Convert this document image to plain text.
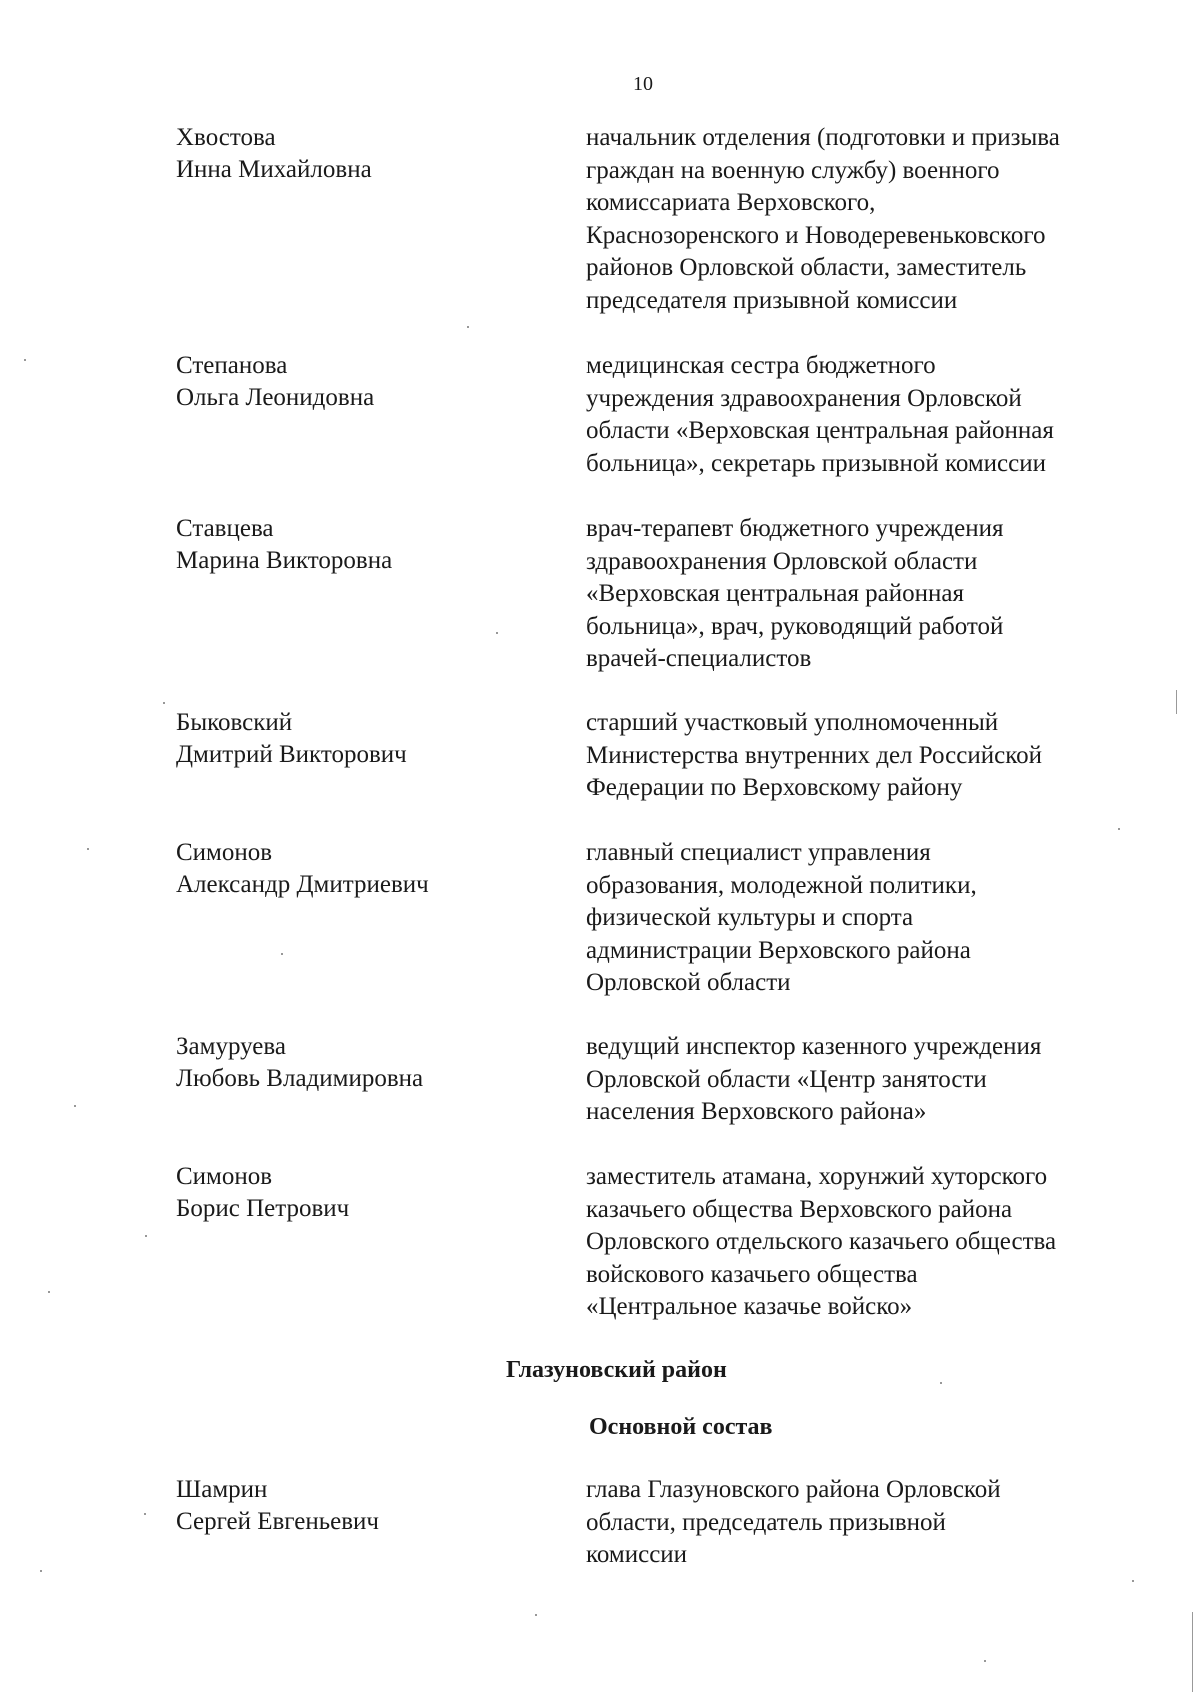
10
Хвостова
Инна Михайловна
начальник отделения (подготовки и призыва
граждан на военную службу) военного
комиссариата Верховского,
Краснозоренского и Новодеревеньковского
районов Орловской области, заместитель
председателя призывной комиссии
Степанова
Ольга Леонидовна
медицинская сестра бюджетного
учреждения здравоохранения Орловской
области «Верховская центральная районная
больница», секретарь призывной комиссии
Ставцева
Марина Викторовна
врач-терапевт бюджетного учреждения
здравоохранения Орловской области
«Верховская центральная районная
больница», врач, руководящий работой
врачей-специалистов
Быковский
Дмитрий Викторович
старший участковый уполномоченный
Министерства внутренних дел Российской
Федерации по Верховскому району
Симонов
Александр Дмитриевич
главный специалист управления
образования, молодежной политики,
физической культуры и спорта
администрации Верховского района
Орловской области
Замуруева
Любовь Владимировна
ведущий инспектор казенного учреждения
Орловской области «Центр занятости
населения Верховского района»
Симонов
Борис Петрович
заместитель атамана, хорунжий хуторского
казачьего общества Верховского района
Орловского отдельского казачьего общества
войскового казачьего общества
«Центральное казачье войско»
Глазуновский район
Основной состав
Шамрин
Сергей Евгеньевич
глава Глазуновского района Орловской
области, председатель призывной
комиссии
